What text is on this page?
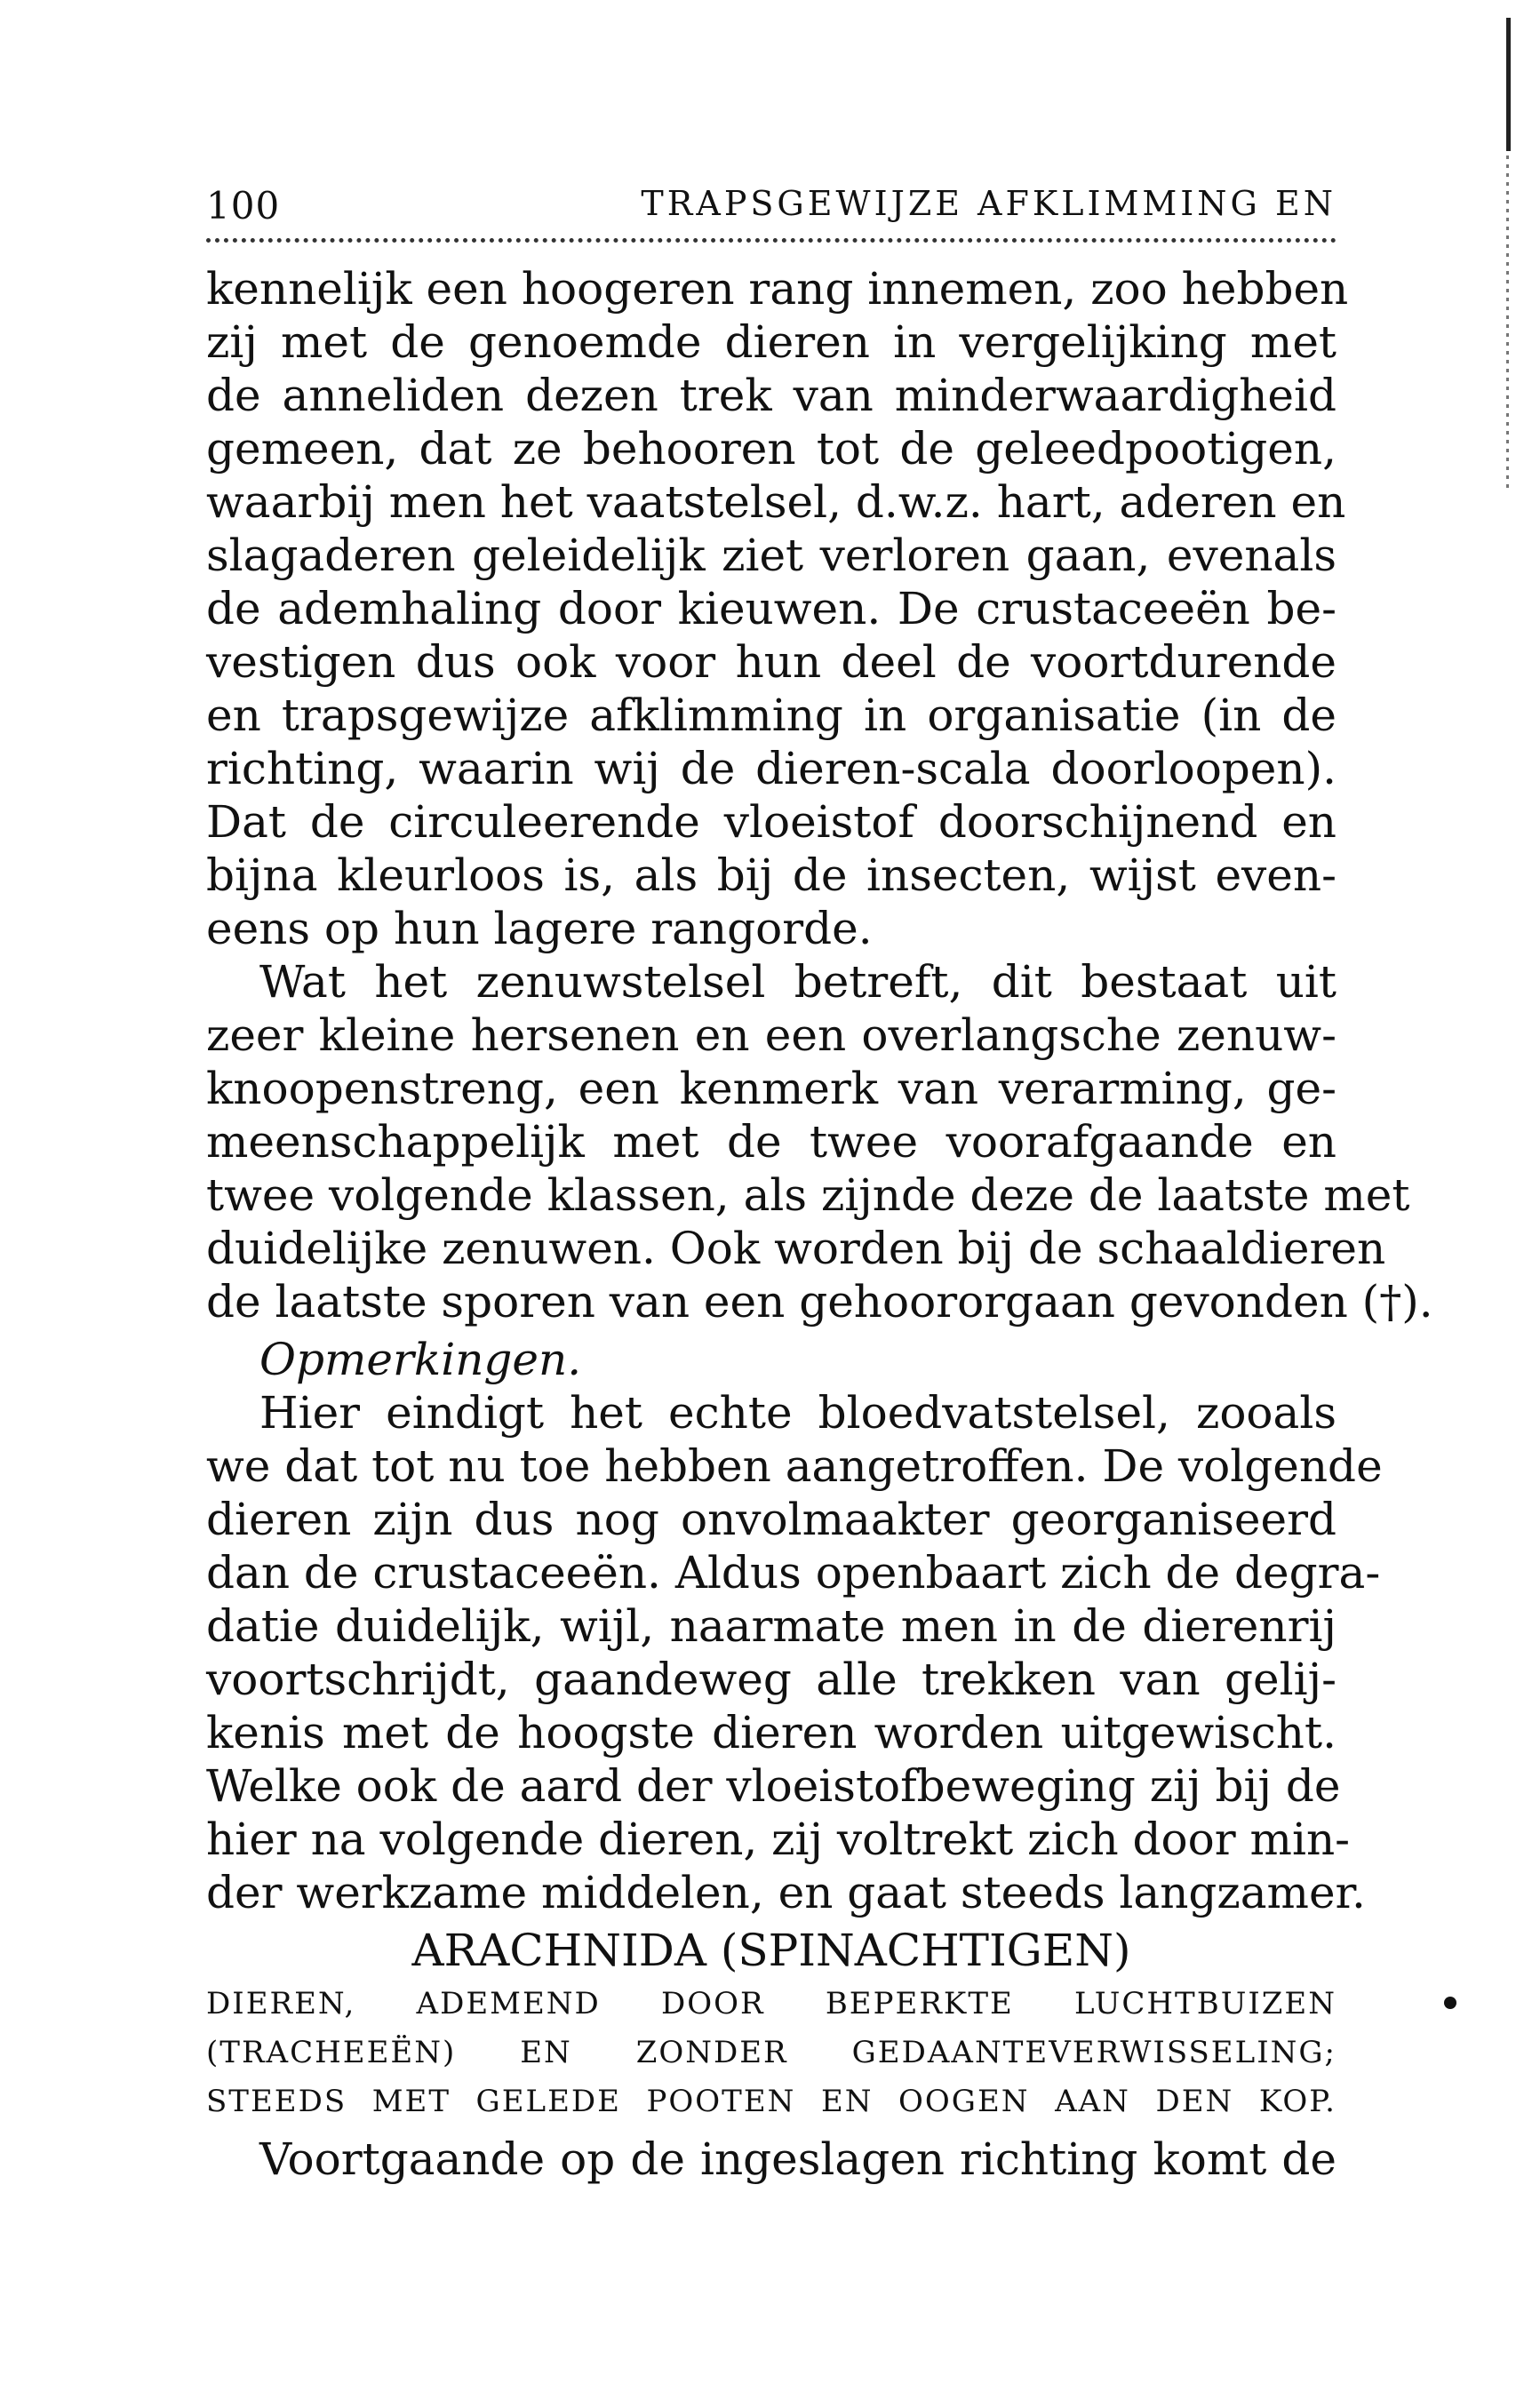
100	TRAPSGEWIJZE AFKLIMMING EN
kennelijk een hoogeren rang innemen, zoo hebben
zij met de genoemde dieren in vergelijking met
de anneliden dezen trek van minderwaardigheid
gemeen, dat ze behooren tot de geleedpootigen,
waarbij men het vaatstelsel, d.w.z. hart, aderen en
slagaderen geleidelijk ziet verloren gaan, evenals
de ademhaling door kieuwen. De crustaceeën be-
vestigen dus ook voor hun deel de voortdurende
en trapsgewijze afklimming in organisatie (in de
richting, waarin wij de dieren-scala doorloopen).
Dat de circuleerende vloeistof doorschijnend en
bijna kleurloos is, als bij de insecten, wijst even-
eens op hun lagere rangorde.
Wat het zenuwstelsel betreft, dit bestaat uit
zeer kleine hersenen en een overlangsche zenuw-
knoopenstreng, een kenmerk van verarming, ge-
meenschappelijk met de twee voorafgaande en
twee volgende klassen, als zijnde deze de laatste met
duidelijke zenuwen. Ook worden bij de schaaldieren
de laatste sporen van een gehoororgaan gevonden (†).
Opmerkingen.
Hier eindigt het echte bloedvatstelsel, zooals
we dat tot nu toe hebben aangetroffen. De volgende
dieren zijn dus nog onvolmaakter georganiseerd
dan de crustaceeën. Aldus openbaart zich de degra-
datie duidelijk, wijl, naarmate men in de dierenrij
voortschrijdt, gaandeweg alle trekken van gelij-
kenis met de hoogste dieren worden uitgewischt.
Welke ook de aard der vloeistofbeweging zij bij de
hier na volgende dieren, zij voltrekt zich door min-
der werkzame middelen, en gaat steeds langzamer.
ARACHNIDA (SPINACHTIGEN)
DIEREN, ADEMEND DOOR BEPERKTE LUCHTBUIZEN
(TRACHEEËN) EN ZONDER GEDAANTEVERWISSELING;
STEEDS MET GELEDE POOTEN EN OOGEN AAN DEN KOP.
Voortgaande op de ingeslagen richting komt de
